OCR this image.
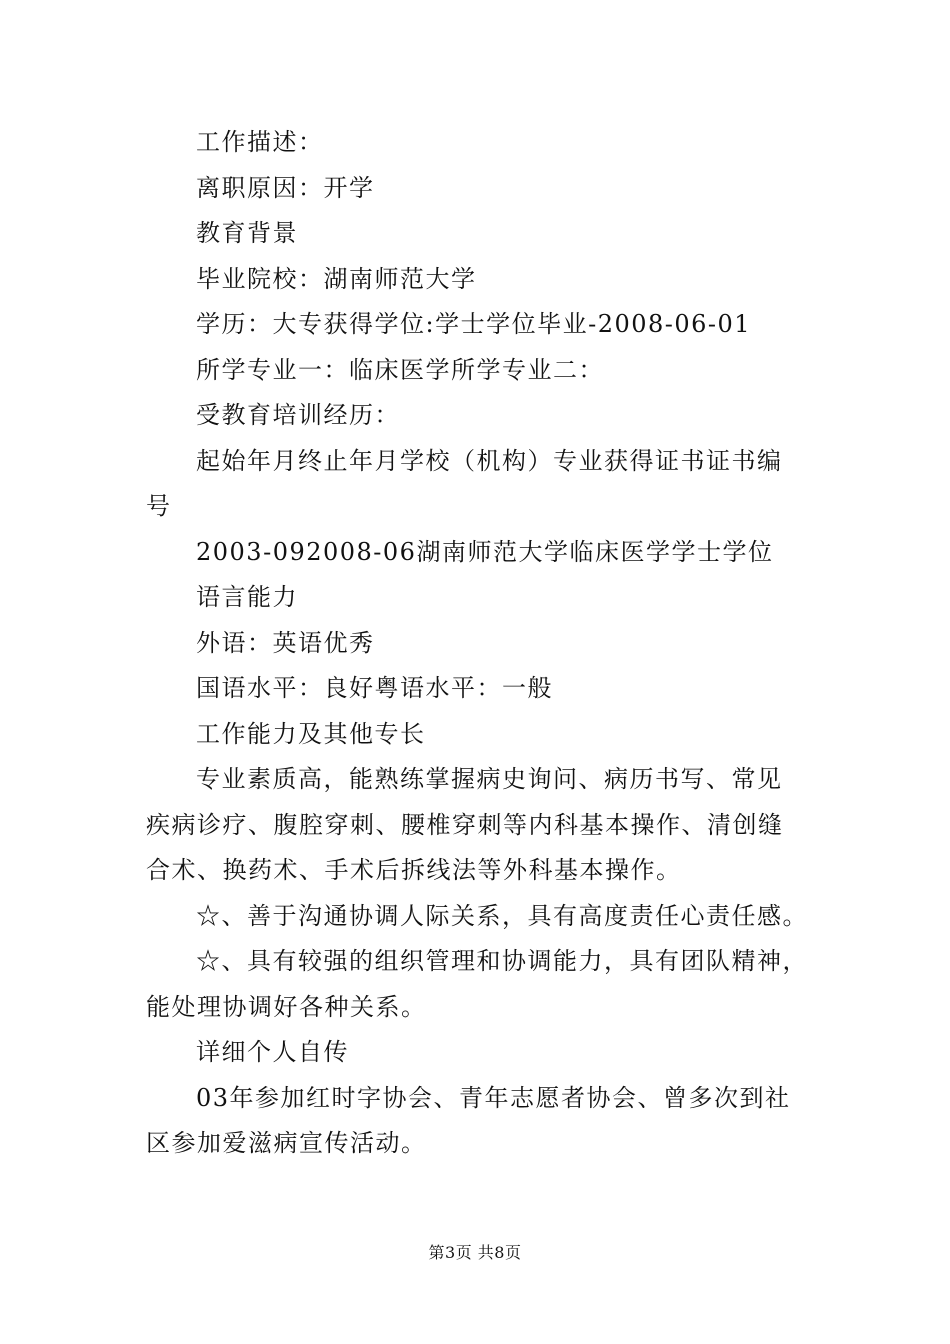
工作描述：
离职原因：开学
教育背景
毕业院校：湖南师范大学
学历：大专获得学位:学士学位毕业-2008-06-01
所学专业一：临床医学所学专业二：
受教育培训经历：
起始年月终止年月学校（机构）专业获得证书证书编
号
2003-092008-06湖南师范大学临床医学学士学位
语言能力
外语：英语优秀
国语水平：良好粤语水平：一般
工作能力及其他专长
专业素质高，能熟练掌握病史询问、病历书写、常见
疾病诊疗、腹腔穿刺、腰椎穿刺等内科基本操作、清创缝
合术、换药术、手术后拆线法等外科基本操作。
☆、善于沟通协调人际关系，具有高度责任心责任感。
☆、具有较强的组织管理和协调能力，具有团队精神，
能处理协调好各种关系。
详细个人自传
03年参加红时字协会、青年志愿者协会、曾多次到社
区参加爱滋病宣传活动。
第3页 共8页
